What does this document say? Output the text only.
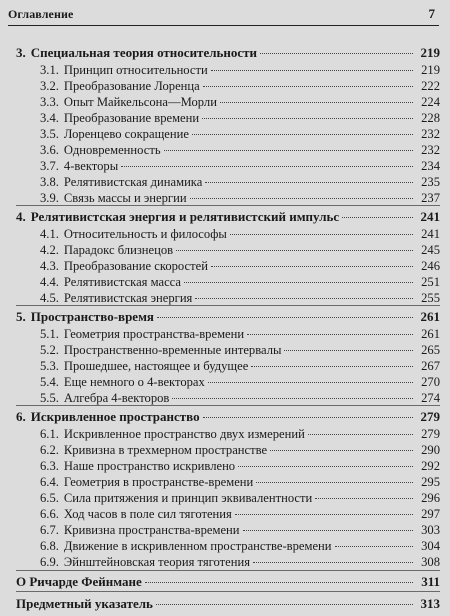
Оглавление	7
3. Специальная теория относительности	219
3.1. Принцип относительности	219
3.2. Преобразование Лоренца	222
3.3. Опыт Майкельсона—Морли	224
3.4. Преобразование времени	228
3.5. Лоренцево сокращение	232
3.6. Одновременность	232
3.7. 4-векторы	234
3.8. Релятивистская динамика	235
3.9. Связь массы и энергии	237
4. Релятивистская энергия и релятивистский импульс	241
4.1. Относительность и философы	241
4.2. Парадокс близнецов	245
4.3. Преобразование скоростей	246
4.4. Релятивистская масса	251
4.5. Релятивистская энергия	255
5. Пространство-время	261
5.1. Геометрия пространства-времени	261
5.2. Пространственно-временные интервалы	265
5.3. Прошедшее, настоящее и будущее	267
5.4. Еще немного о 4-векторах	270
5.5. Алгебра 4-векторов	274
6. Искривленное пространство	279
6.1. Искривленное пространство двух измерений	279
6.2. Кривизна в трехмерном пространстве	290
6.3. Наше пространство искривлено	292
6.4. Геометрия в пространстве-времени	295
6.5. Сила притяжения и принцип эквивалентности	296
6.6. Ход часов в поле сил тяготения	297
6.7. Кривизна пространства-времени	303
6.8. Движение в искривленном пространстве-времени	304
6.9. Эйнштейновская теория тяготения	308
О Ричарде Фейнмане	311
Предметный указатель	313
